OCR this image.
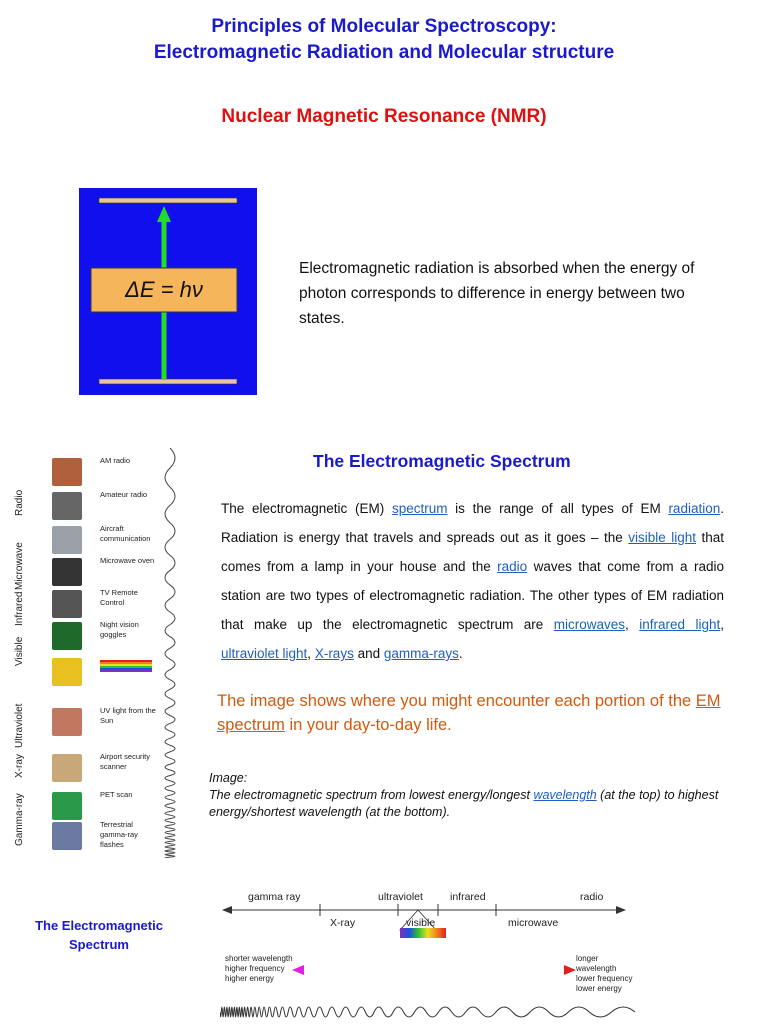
Principles of Molecular Spectroscopy:
Electromagnetic Radiation and Molecular structure
Nuclear Magnetic Resonance (NMR)
ΔE = hν
Electromagnetic radiation is absorbed when the energy of photon corresponds to difference in energy between two states.
Radio
Microwave
Infrared
Visible
Ultraviolet
X-ray
Gamma-ray
AM radio
Amateur radio
Aircraft communication
Microwave oven
TV Remote Control
Night vision goggles
UV light from the Sun
Airport security scanner
PET scan
Terrestrial gamma-ray flashes
The Electromagnetic Spectrum
The electromagnetic (EM) spectrum is the range of all types of EM radiation. Radiation is energy that travels and spreads out as it goes – the visible light that comes from a lamp in your house and the radio waves that come from a radio station are two types of electromagnetic radiation. The other types of EM radiation that make up the electromagnetic spectrum are microwaves, infrared light, ultraviolet light, X-rays and gamma-rays.
The image shows where you might encounter each portion of the EM spectrum in your day-to-day life.
Image:
The electromagnetic spectrum from lowest energy/longest wavelength (at the top) to highest energy/shortest wavelength (at the bottom).
The Electromagnetic
Spectrum
gamma ray	ultraviolet	infrared	radio
X-ray	visible	microwave
shorter wavelength
higher frequency
higher energy
longer wavelength
lower frequency
lower energy
